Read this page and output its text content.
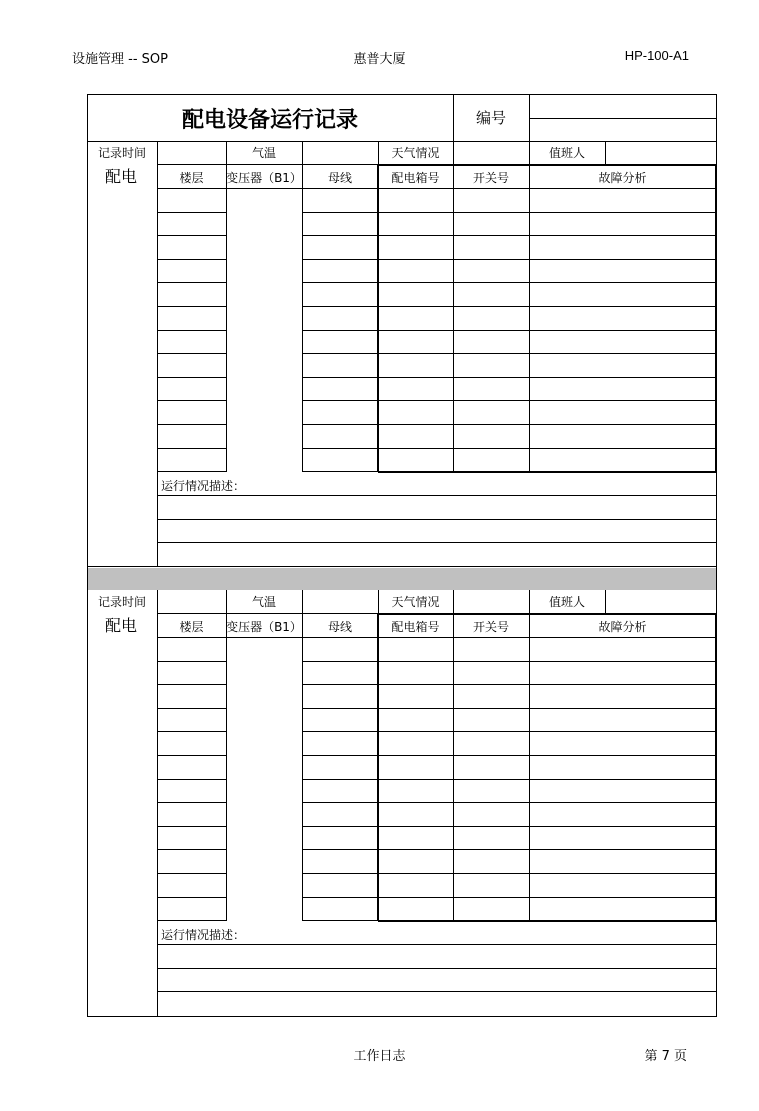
设施管理 -- SOP	惠普大厦	HP-100-A1
配电设备运行记录	编号
记录时间	气温	天气情况	值班人
配电	楼层	变压器（B1）	母线	配电箱号	开关号	故障分析
运行情况描述：
记录时间	气温	天气情况	值班人
配电	楼层	变压器（B1）	母线	配电箱号	开关号	故障分析
运行情况描述：
工作日志	第 7 页
